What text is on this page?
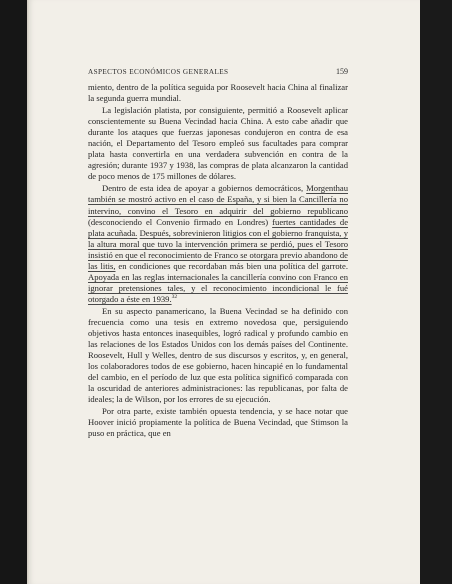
ASPECTOS ECONÓMICOS GENERALES	159

miento, dentro de la política seguida por Roosevelt hacia China al finalizar la segunda guerra mundial.

La legislación platista, por consiguiente, permitió a Roosevelt aplicar conscientemente su Buena Vecindad hacia China. A esto cabe añadir que durante los ataques que fuerzas japonesas condujeron en contra de esa nación, el Departamento del Tesoro empleó sus facultades para comprar plata hasta convertirla en una verdadera subvención en contra de la agresión; durante 1937 y 1938, las compras de plata alcanzaron la cantidad de poco menos de 175 millones de dólares.

Dentro de esta idea de apoyar a gobiernos democráticos, Morgenthau también se mostró activo en el caso de España, y si bien la Cancillería no intervino, convino el Tesoro en adquirir del gobierno republicano (desconociendo el Convenio firmado en Londres) fuertes cantidades de plata acuñada. Después, sobrevinieron litigios con el gobierno franquista, y la altura moral que tuvo la intervención primera se perdió, pues el Tesoro insistió en que el reconocimiento de Franco se otorgara previo abandono de las litis, en condiciones que recordaban más bien una política del garrote. Apoyada en las reglas internacionales la cancillería convino con Franco en ignorar pretensiones tales, y el reconocimiento incondicional le fué otorgado a éste en 1939.32

En su aspecto panamericano, la Buena Vecindad se ha definido con frecuencia como una tesis en extremo novedosa que, persiguiendo objetivos hasta entonces inasequibles, logró radical y profundo cambio en las relaciones de los Estados Unidos con los demás países del Continente. Roosevelt, Hull y Welles, dentro de sus discursos y escritos, y, en general, los colaboradores todos de ese gobierno, hacen hincapié en lo fundamental del cambio, en el período de luz que esta política significó comparada con la oscuridad de anteriores administraciones: las republicanas, por falta de ideales; la de Wilson, por los errores de su ejecución.

Por otra parte, existe también opuesta tendencia, y se hace notar que Hoover inició propiamente la política de Buena Vecindad, que Stimson la puso en práctica, que en
